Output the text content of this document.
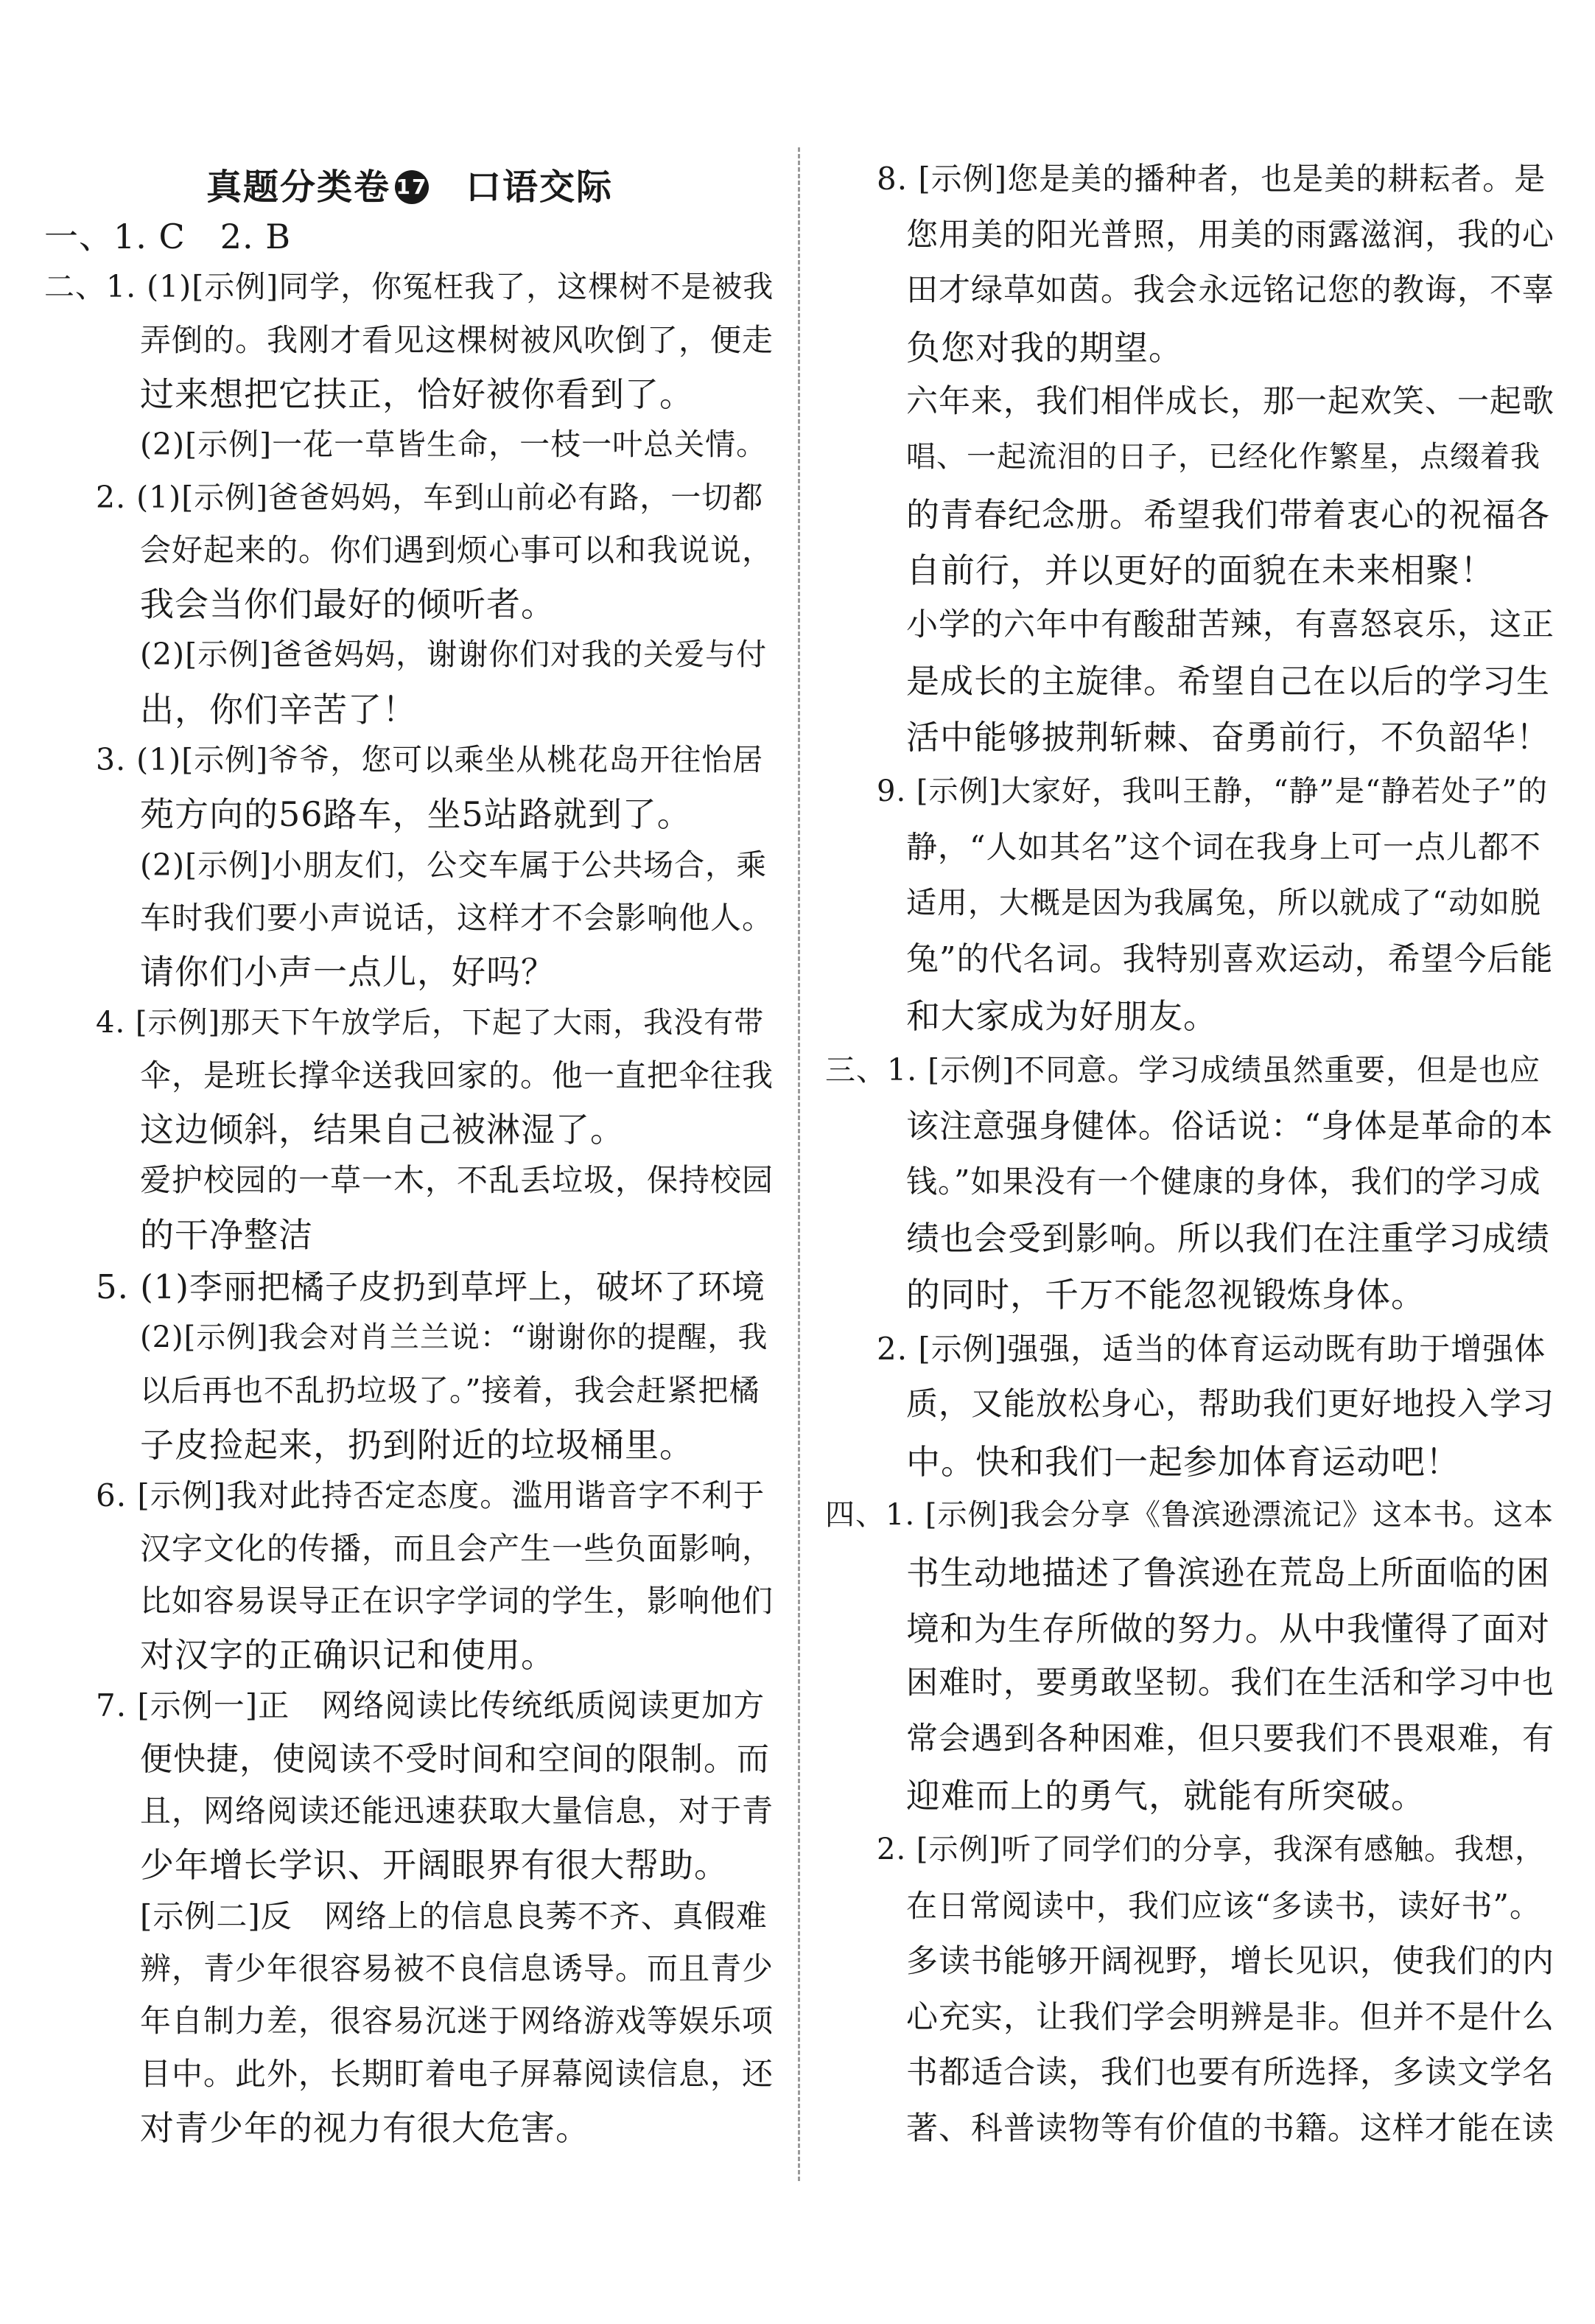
真题分类卷 17 口语交际
一、1. C　2. B
二、1. (1)[示例]同学，你冤枉我了，这棵树不是被我
弄倒的。我刚才看见这棵树被风吹倒了，便走
过来想把它扶正，恰好被你看到了。
(2)[示例]一花一草皆生命，一枝一叶总关情。
2. (1)[示例]爸爸妈妈，车到山前必有路，一切都
会好起来的。你们遇到烦心事可以和我说说，
我会当你们最好的倾听者。
(2)[示例]爸爸妈妈，谢谢你们对我的关爱与付
出，你们辛苦了！
3. (1)[示例]爷爷，您可以乘坐从桃花岛开往怡居
苑方向的56路车，坐5站路就到了。
(2)[示例]小朋友们，公交车属于公共场合，乘
车时我们要小声说话，这样才不会影响他人。
请你们小声一点儿，好吗？
4. [示例]那天下午放学后，下起了大雨，我没有带
伞，是班长撑伞送我回家的。他一直把伞往我
这边倾斜，结果自己被淋湿了。
爱护校园的一草一木，不乱丢垃圾，保持校园
的干净整洁
5. (1)李丽把橘子皮扔到草坪上，破坏了环境
(2)[示例]我会对肖兰兰说：“谢谢你的提醒，我
以后再也不乱扔垃圾了。”接着，我会赶紧把橘
子皮捡起来，扔到附近的垃圾桶里。
6. [示例]我对此持否定态度。滥用谐音字不利于
汉字文化的传播，而且会产生一些负面影响，
比如容易误导正在识字学词的学生，影响他们
对汉字的正确识记和使用。
7. [示例一]正　网络阅读比传统纸质阅读更加方
便快捷，使阅读不受时间和空间的限制。而
且，网络阅读还能迅速获取大量信息，对于青
少年增长学识、开阔眼界有很大帮助。
[示例二]反　网络上的信息良莠不齐、真假难
辨，青少年很容易被不良信息诱导。而且青少
年自制力差，很容易沉迷于网络游戏等娱乐项
目中。此外，长期盯着电子屏幕阅读信息，还
对青少年的视力有很大危害。
8. [示例]您是美的播种者，也是美的耕耘者。是
您用美的阳光普照，用美的雨露滋润，我的心
田才绿草如茵。我会永远铭记您的教诲，不辜
负您对我的期望。
六年来，我们相伴成长，那一起欢笑、一起歌
唱、一起流泪的日子，已经化作繁星，点缀着我
的青春纪念册。希望我们带着衷心的祝福各
自前行，并以更好的面貌在未来相聚！
小学的六年中有酸甜苦辣，有喜怒哀乐，这正
是成长的主旋律。希望自己在以后的学习生
活中能够披荆斩棘、奋勇前行，不负韶华！
9. [示例]大家好，我叫王静，“静”是“静若处子”的
静，“人如其名”这个词在我身上可一点儿都不
适用，大概是因为我属兔，所以就成了“动如脱
兔”的代名词。我特别喜欢运动，希望今后能
和大家成为好朋友。
三、1. [示例]不同意。学习成绩虽然重要，但是也应
该注意强身健体。俗话说：“身体是革命的本
钱。”如果没有一个健康的身体，我们的学习成
绩也会受到影响。所以我们在注重学习成绩
的同时，千万不能忽视锻炼身体。
2. [示例]强强，适当的体育运动既有助于增强体
质，又能放松身心，帮助我们更好地投入学习
中。快和我们一起参加体育运动吧！
四、1. [示例]我会分享《鲁滨逊漂流记》这本书。这本
书生动地描述了鲁滨逊在荒岛上所面临的困
境和为生存所做的努力。从中我懂得了面对
困难时，要勇敢坚韧。我们在生活和学习中也
常会遇到各种困难，但只要我们不畏艰难，有
迎难而上的勇气，就能有所突破。
2. [示例]听了同学们的分享，我深有感触。我想，
在日常阅读中，我们应该“多读书，读好书”。
多读书能够开阔视野，增长见识，使我们的内
心充实，让我们学会明辨是非。但并不是什么
书都适合读，我们也要有所选择，多读文学名
著、科普读物等有价值的书籍。这样才能在读
